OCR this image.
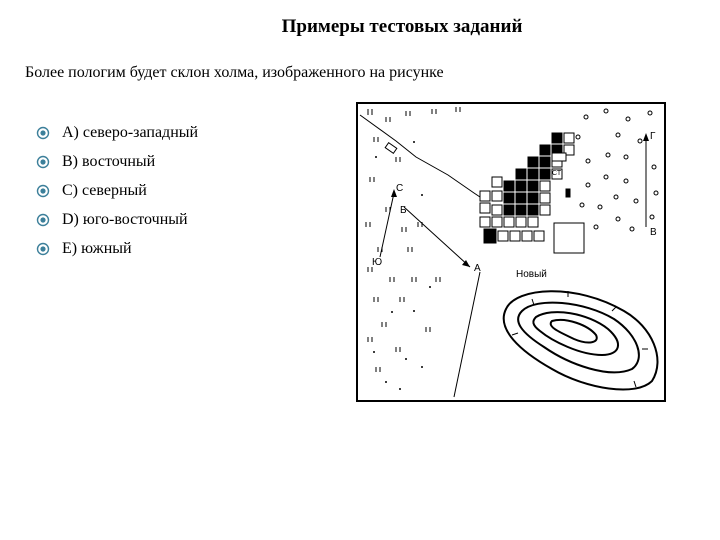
Примеры тестовых заданий
Более пологим будет склон холма, изображенного на рисунке
A) северо-западный
B) восточный
C) северный
D) юго-восточный
E) южный
С
Ю
Б
А
Г
В
Новый
СТ
